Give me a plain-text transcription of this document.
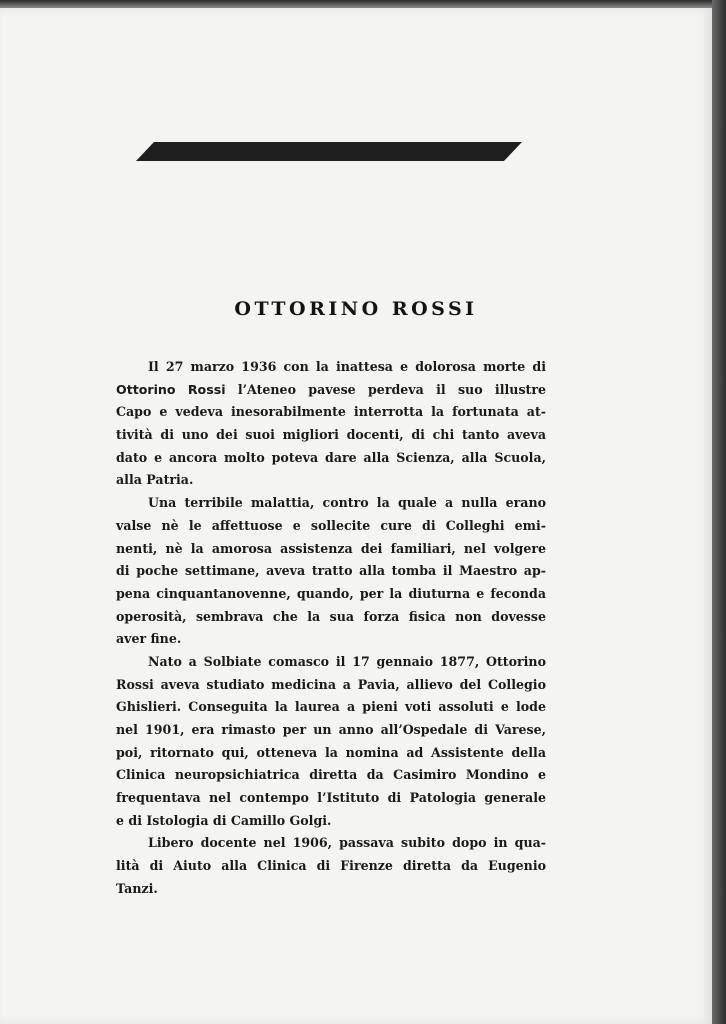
OTTORINO ROSSI
Il 27 marzo 1936 con la inattesa e dolorosa morte di
Ottorino Rossi l’Ateneo pavese perdeva il suo illustre
Capo e vedeva inesorabilmente interrotta la fortunata at-
tività di uno dei suoi migliori docenti, di chi tanto aveva
dato e ancora molto poteva dare alla Scienza, alla Scuola,
alla Patria.
Una terribile malattia, contro la quale a nulla erano
valse nè le affettuose e sollecite cure di Colleghi emi-
nenti, nè la amorosa assistenza dei familiari, nel volgere
di poche settimane, aveva tratto alla tomba il Maestro ap-
pena cinquantanovenne, quando, per la diuturna e feconda
operosità, sembrava che la sua forza fisica non dovesse
aver fine.
Nato a Solbiate comasco il 17 gennaio 1877, Ottorino
Rossi aveva studiato medicina a Pavia, allievo del Collegio
Ghislieri. Conseguita la laurea a pieni voti assoluti e lode
nel 1901, era rimasto per un anno all’Ospedale di Varese,
poi, ritornato qui, otteneva la nomina ad Assistente della
Clinica neuropsichiatrica diretta da Casimiro Mondino e
frequentava nel contempo l’Istituto di Patologia generale
e di Istologia di Camillo Golgi.
Libero docente nel 1906, passava subito dopo in qua-
lità di Aiuto alla Clinica di Firenze diretta da Eugenio
Tanzi.
